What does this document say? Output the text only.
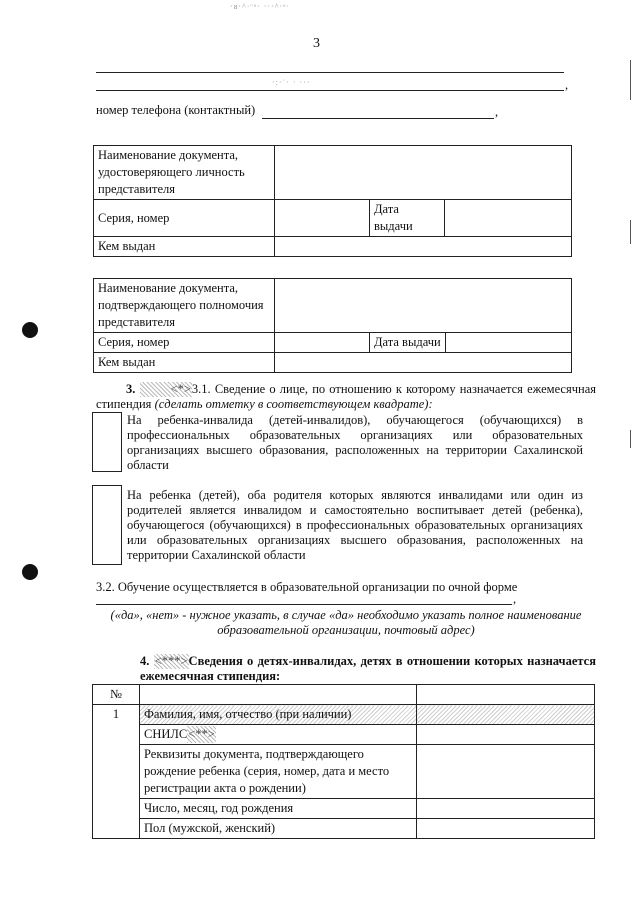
·ᴚ·^·ᵔᵒ· ···^·ᵒ·
3
·:·˙· · ···	,
номер телефона (контактный)	,
Наименование документа, удостоверяющего личность представителя			
Серия, номер		Дата выдачи	
Кем выдан			
Наименование документа, подтверждающего полномочия представителя			
Серия, номер		Дата выдачи	
Кем выдан			
3.	<*>3.1. Сведение о лице, по отношению к которому назначается ежемесячная стипендия (сделать отметку в соответствующем квадрате):
На ребенка-инвалида (детей-инвалидов), обучающегося (обучающихся) в профессиональных образовательных организациях или образовательных организациях высшего образования, расположенных на территории Сахалинской области
На ребенка (детей), оба родителя которых являются инвалидами или один из родителей является инвалидом и самостоятельно воспитывает детей (ребенка), обучающегося (обучающихся) в профессиональных образовательных организациях или образовательных организациях высшего образования, расположенных на территории Сахалинской области
3.2. Обучение осуществляется в образовательной организации по очной форме
,
(«да», «нет» - нужное указать, в случае «да» необходимо указать полное наименование образовательной организации, почтовый адрес)
4. <***>Сведения о детях-инвалидах, детях в отношении которых назначается ежемесячная стипендия:
№		
1	Фамилия, имя, отчество (при наличии)	
	СНИЛС<**>	
	Реквизиты документа, подтверждающего рождение ребенка (серия, номер, дата и место регистрации акта о рождении)	
	Число, месяц, год рождения	
	Пол (мужской, женский)	
